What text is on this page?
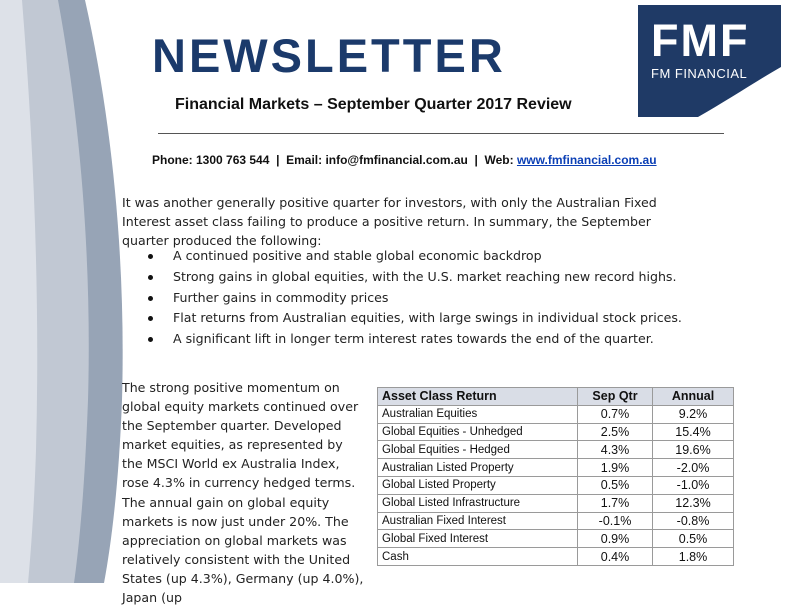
NEWSLETTER
Financial Markets – September Quarter 2017 Review
Phone: 1300 763 544  |  Email: info@fmfinancial.com.au  |  Web: www.fmfinancial.com.au
FMF
FM FINANCIAL
It was another generally positive quarter for investors, with only the Australian Fixed Interest asset class failing to produce a positive return. In summary, the September quarter produced the following:
A continued positive and stable global economic backdrop
Strong gains in global equities, with the U.S. market reaching new record highs.
Further gains in commodity prices
Flat returns from Australian equities, with large swings in individual stock prices.
A significant lift in longer term interest rates towards the end of the quarter.
The strong positive momentum on global equity markets continued over the September quarter. Developed market equities, as represented by the MSCI World ex Australia Index, rose 4.3% in currency hedged terms. The annual gain on global equity markets is now just under 20%. The appreciation on global markets was relatively consistent with the United States (up 4.3%), Germany (up 4.0%), Japan (up
Asset Class Return	Sep Qtr	Annual
Australian Equities	0.7%	9.2%
Global Equities - Unhedged	2.5%	15.4%
Global Equities - Hedged	4.3%	19.6%
Australian Listed Property	1.9%	-2.0%
Global Listed Property	0.5%	-1.0%
Global Listed Infrastructure	1.7%	12.3%
Australian Fixed Interest	-0.1%	-0.8%
Global Fixed Interest	0.9%	0.5%
Cash	0.4%	1.8%
